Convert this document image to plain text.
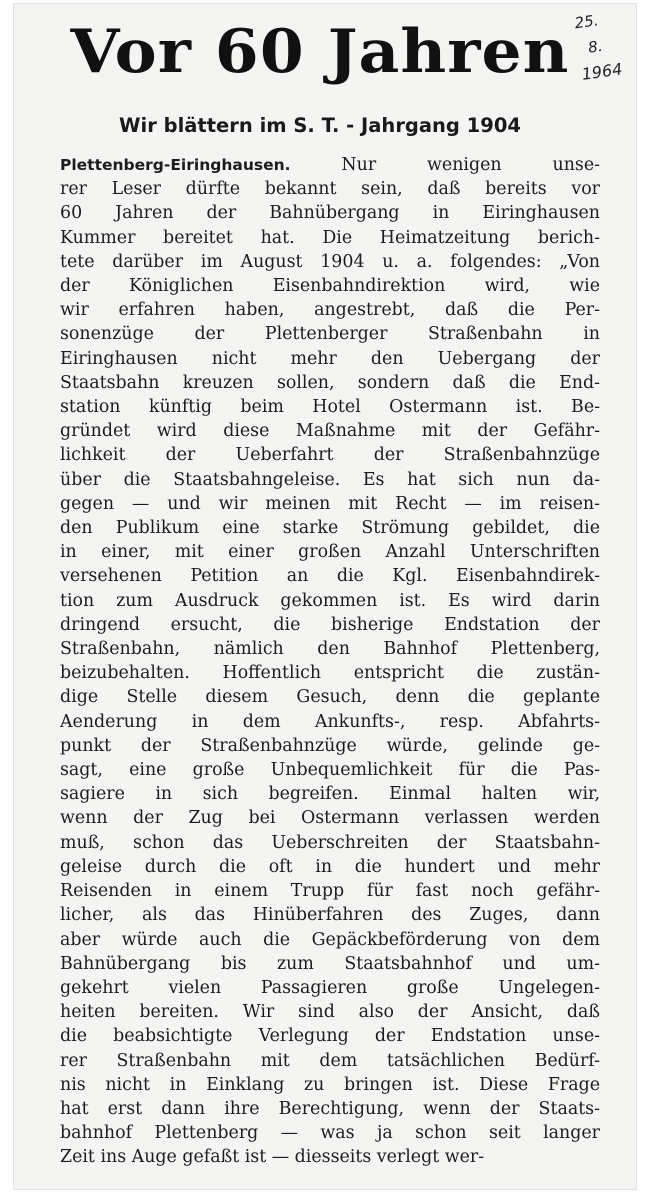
Vor 60 Jahren 25.
8.
1964
Wir blättern im S. T. - Jahrgang 1904
Plettenberg-Eiringhausen.	Nur wenigen unse-
rer Leser dürfte bekannt sein, daß bereits vor
60 Jahren der Bahnübergang in Eiringhausen
Kummer bereitet hat. Die Heimatzeitung berich-
tete darüber im August 1904 u. a. folgendes: „Von
der Königlichen Eisenbahndirektion wird, wie
wir erfahren haben, angestrebt, daß die Per-
sonenzüge der Plettenberger Straßenbahn in
Eiringhausen nicht mehr den Uebergang der
Staatsbahn kreuzen sollen, sondern daß die End-
station künftig beim Hotel Ostermann ist. Be-
gründet wird diese Maßnahme mit der Gefähr-
lichkeit der Ueberfahrt der Straßenbahnzüge
über die Staatsbahngeleise. Es hat sich nun da-
gegen — und wir meinen mit Recht — im reisen-
den Publikum eine starke Strömung gebildet, die
in einer, mit einer großen Anzahl Unterschriften
versehenen Petition an die Kgl. Eisenbahndirek-
tion zum Ausdruck gekommen ist. Es wird darin
dringend ersucht, die bisherige Endstation der
Straßenbahn, nämlich den Bahnhof Plettenberg,
beizubehalten. Hoffentlich entspricht die zustän-
dige Stelle diesem Gesuch, denn die geplante
Aenderung in dem Ankunfts-, resp. Abfahrts-
punkt der Straßenbahnzüge würde, gelinde ge-
sagt, eine große Unbequemlichkeit für die Pas-
sagiere in sich begreifen. Einmal halten wir,
wenn der Zug bei Ostermann verlassen werden
muß, schon das Ueberschreiten der Staatsbahn-
geleise durch die oft in die hundert und mehr
Reisenden in einem Trupp für fast noch gefähr-
licher, als das Hinüberfahren des Zuges, dann
aber würde auch die Gepäckbeförderung von dem
Bahnübergang bis zum Staatsbahnhof und um-
gekehrt vielen Passagieren große Ungelegen-
heiten bereiten. Wir sind also der Ansicht, daß
die beabsichtigte Verlegung der Endstation unse-
rer Straßenbahn mit dem tatsächlichen Bedürf-
nis nicht in Einklang zu bringen ist. Diese Frage
hat erst dann ihre Berechtigung, wenn der Staats-
bahnhof Plettenberg — was ja schon seit langer
Zeit ins Auge gefaßt ist — diesseits verlegt wer-
